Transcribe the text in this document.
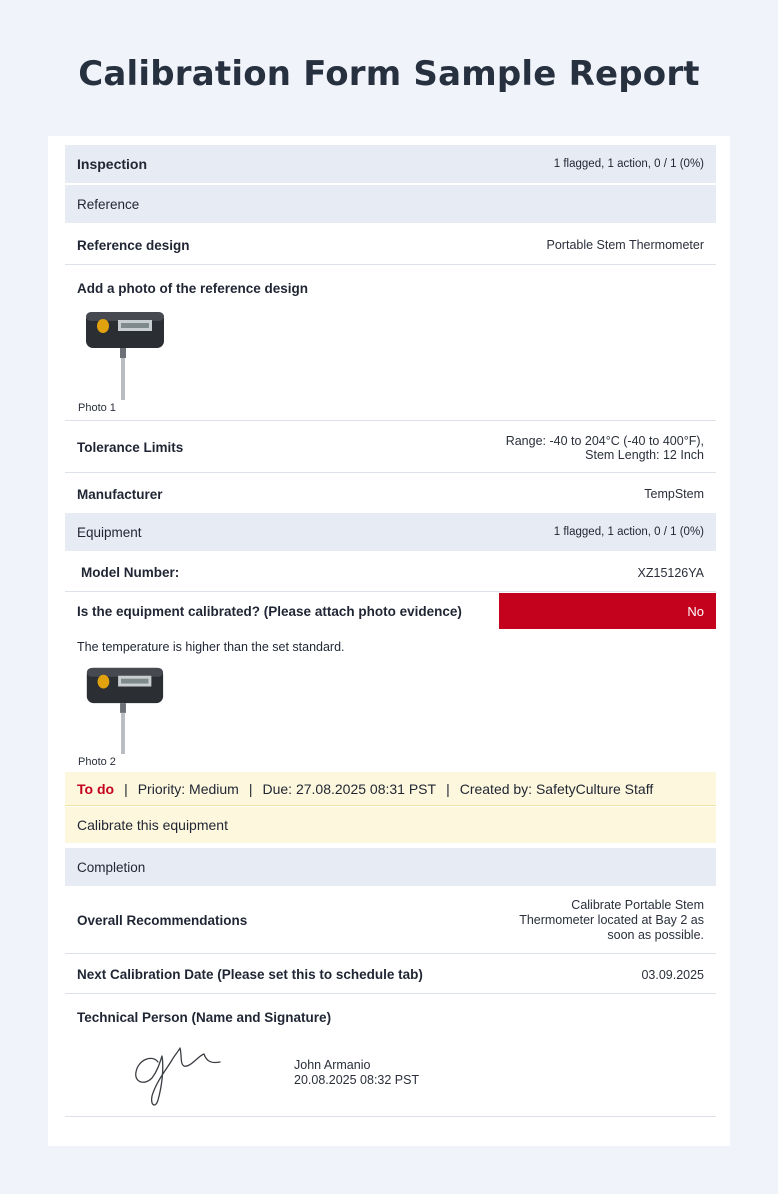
Calibration Form Sample Report
Inspection	1 flagged, 1 action, 0 / 1 (0%)
Reference
Reference design	Portable Stem Thermometer
Add a photo of the reference design
Photo 1
Tolerance Limits	Range: -40 to 204°C (-40 to 400°F),
Stem Length: 12 Inch
Manufacturer	TempStem
Equipment	1 flagged, 1 action, 0 / 1 (0%)
Model Number:	XZ15126YA
Is the equipment calibrated? (Please attach photo evidence)	No
The temperature is higher than the set standard.
Photo 2
To do | Priority: Medium | Due: 27.08.2025 08:31 PST | Created by: SafetyCulture Staff
Calibrate this equipment
Completion
Overall Recommendations
Calibrate Portable Stem
Thermometer located at Bay 2 as
soon as possible.
Next Calibration Date (Please set this to schedule tab)	03.09.2025
Technical Person (Name and Signature)
John Armanio
20.08.2025 08:32 PST
